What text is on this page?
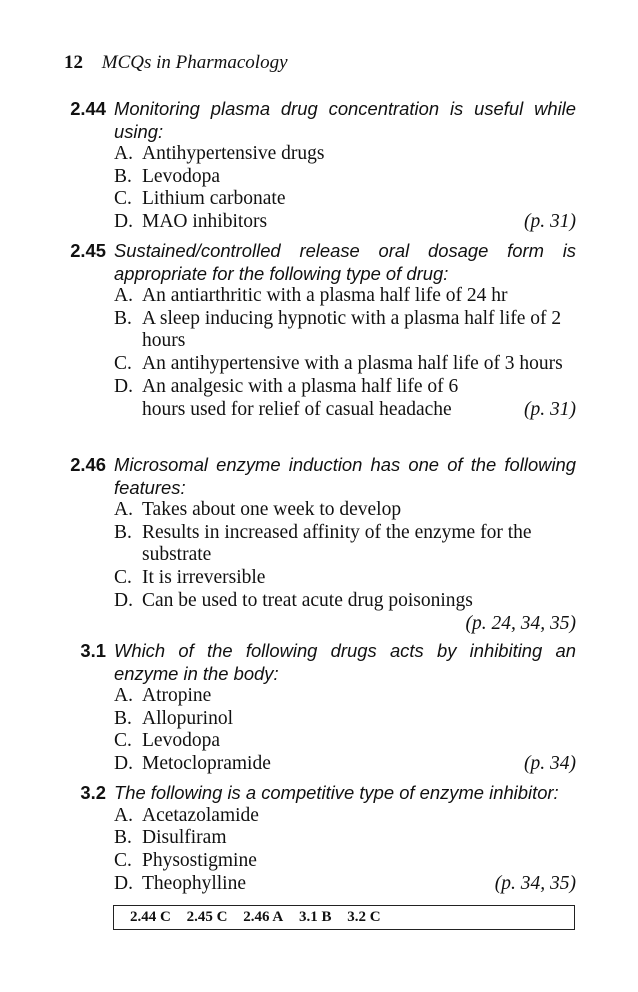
12 MCQs in Pharmacology
2.44 Monitoring plasma drug concentration is useful while using:
A. Antihypertensive drugs
B. Levodopa
C. Lithium carbonate
D. MAO inhibitors	(p. 31)
2.45 Sustained/controlled release oral dosage form is appropriate for the following type of drug:
A. An antiarthritic with a plasma half life of 24 hr
B. A sleep inducing hypnotic with a plasma half life of 2 hours
C. An antihypertensive with a plasma half life of 3 hours
D. An analgesic with a plasma half life of 6 hours used for relief of casual headache	(p. 31)
2.46 Microsomal enzyme induction has one of the following features:
A. Takes about one week to develop
B. Results in increased affinity of the enzyme for the substrate
C. It is irreversible
D. Can be used to treat acute drug poisonings
(p. 24, 34, 35)
3.1 Which of the following drugs acts by inhibiting an enzyme in the body:
A. Atropine
B. Allopurinol
C. Levodopa
D. Metoclopramide	(p. 34)
3.2 The following is a competitive type of enzyme inhibitor:
A. Acetazolamide
B. Disulfiram
C. Physostigmine
D. Theophylline	(p. 34, 35)
2.44 C 2.45 C 2.46 A 3.1 B 3.2 C
